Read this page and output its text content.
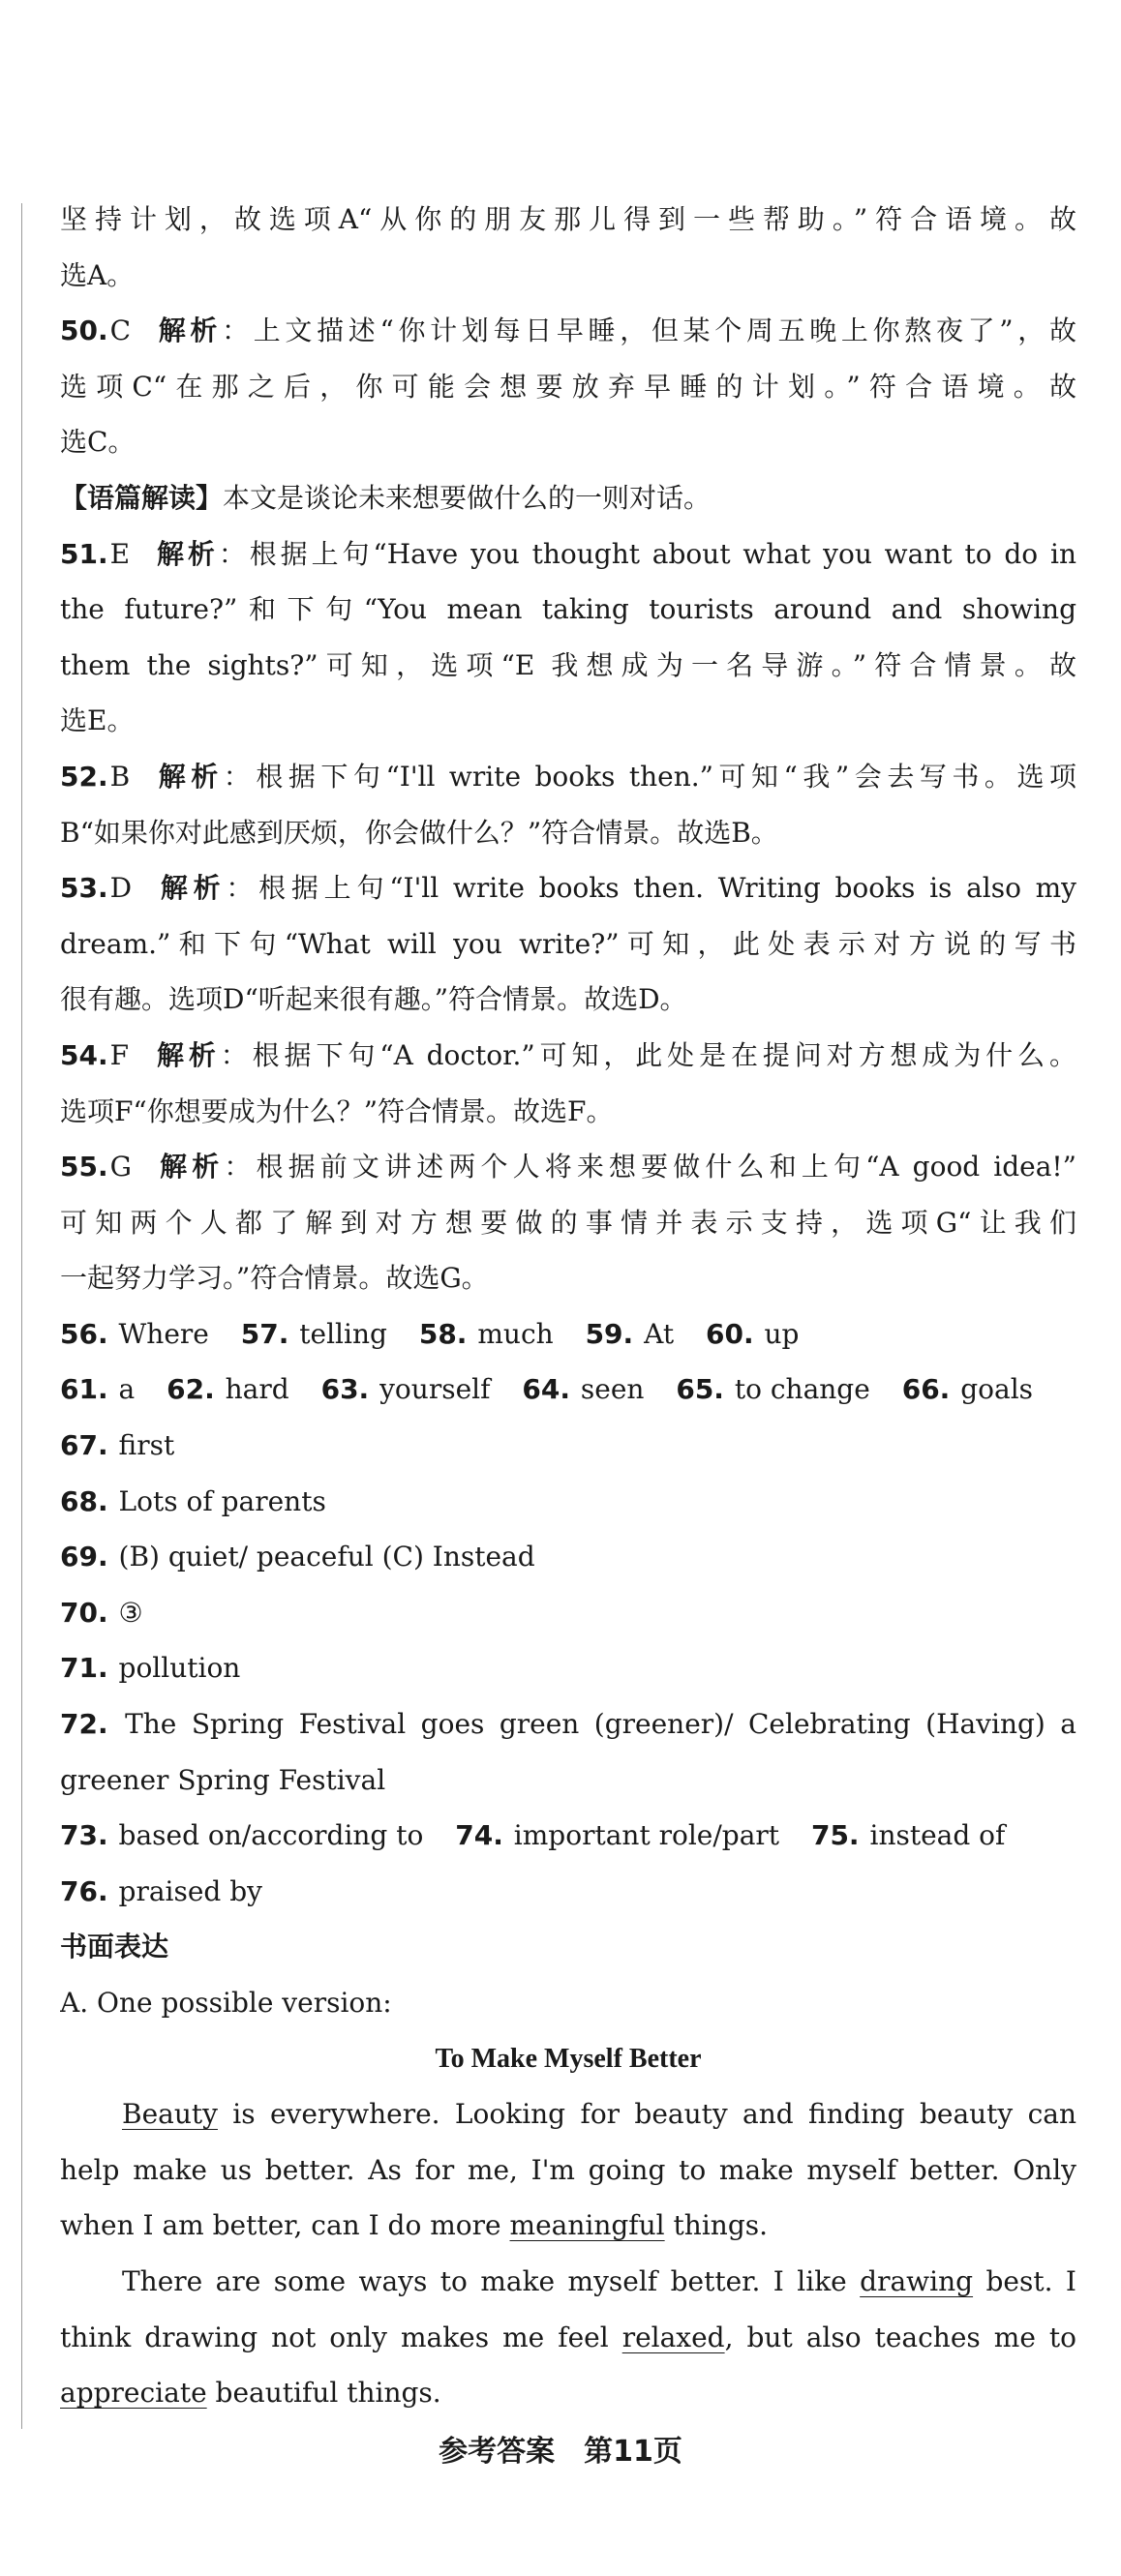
坚持计划，故选项A“从你的朋友那儿得到一些帮助。”符合语境。故
选A。
50.C 解析：上文描述“你计划每日早睡，但某个周五晚上你熬夜了”，故
选项C“在那之后，你可能会想要放弃早睡的计划。”符合语境。故
选C。
【语篇解读】本文是谈论未来想要做什么的一则对话。
51.E 解析：根据上句“Have you thought about what you want to do in
the future?”和下句“You mean taking tourists around and showing
them the sights?”可知，选项“E 我想成为一名导游。”符合情景。故
选E。
52.B 解析：根据下句“I'll write books then.”可知“我”会去写书。选项
B“如果你对此感到厌烦，你会做什么？”符合情景。故选B。
53.D 解析：根据上句“I'll write books then. Writing books is also my
dream.”和下句“What will you write?”可知，此处表示对方说的写书
很有趣。选项D“听起来很有趣。”符合情景。故选D。
54.F 解析：根据下句“A doctor.”可知，此处是在提问对方想成为什么。
选项F“你想要成为什么？”符合情景。故选F。
55.G 解析：根据前文讲述两个人将来想要做什么和上句“A good idea!”
可知两个人都了解到对方想要做的事情并表示支持，选项G“让我们
一起努力学习。”符合情景。故选G。
56. Where 57. telling 58. much 59. At 60. up
61. a 62. hard 63. yourself 64. seen 65. to change 66. goals
67. first
68. Lots of parents
69. (B) quiet/ peaceful (C) Instead
70. ③
71. pollution
72. The Spring Festival goes green (greener)/ Celebrating (Having) a
greener Spring Festival
73. based on/according to 74. important role/part 75. instead of
76. praised by
书面表达
A. One possible version:
To Make Myself Better
Beauty is everywhere. Looking for beauty and finding beauty can
help make us better. As for me, I'm going to make myself better. Only
when I am better, can I do more meaningful things.
There are some ways to make myself better. I like drawing best. I
think drawing not only makes me feel relaxed, but also teaches me to
appreciate beautiful things.
参考答案　第11页
